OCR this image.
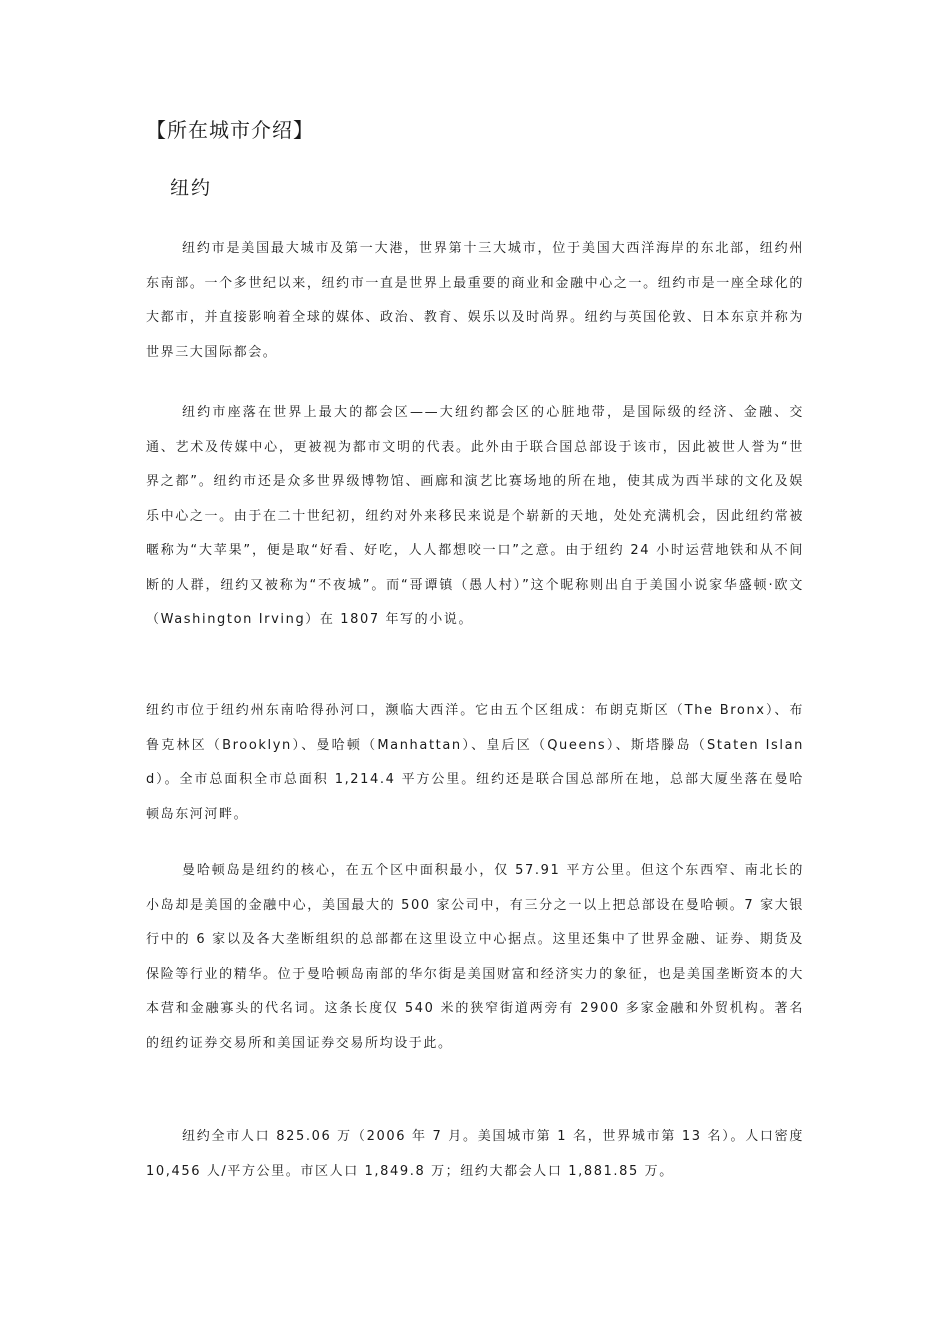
【所在城市介绍】
纽约

纽约市是美国最大城市及第一大港，世界第十三大城市，位于美国大西洋海岸的东北部，纽约州东南部。一个多世纪以来，纽约市一直是世界上最重要的商业和金融中心之一。纽约市是一座全球化的大都市，并直接影响着全球的媒体、政治、教育、娱乐以及时尚界。纽约与英国伦敦、日本东京并称为世界三大国际都会。

纽约市座落在世界上最大的都会区——大纽约都会区的心脏地带，是国际级的经济、金融、交通、艺术及传媒中心，更被视为都市文明的代表。此外由于联合国总部设于该市，因此被世人誉为“世界之都”。纽约市还是众多世界级博物馆、画廊和演艺比赛场地的所在地，使其成为西半球的文化及娱乐中心之一。由于在二十世纪初，纽约对外来移民来说是个崭新的天地，处处充满机会，因此纽约常被暱称为“大苹果”，便是取“好看、好吃，人人都想咬一口”之意。由于纽约 24 小时运营地铁和从不间断的人群，纽约又被称为“不夜城”。而“哥谭镇（愚人村）”这个昵称则出自于美国小说家华盛顿·欧文（Washington Irving）在 1807 年写的小说。

纽约市位于纽约州东南哈得孙河口，濒临大西洋。它由五个区组成：布朗克斯区（The Bronx）、布鲁克林区（Brooklyn）、曼哈顿（Manhattan）、皇后区（Queens）、斯塔滕岛（Staten Island）。全市总面积全市总面积 1,214.4 平方公里。纽约还是联合国总部所在地，总部大厦坐落在曼哈顿岛东河河畔。

曼哈顿岛是纽约的核心，在五个区中面积最小，仅 57.91 平方公里。但这个东西窄、南北长的小岛却是美国的金融中心，美国最大的 500 家公司中，有三分之一以上把总部设在曼哈顿。7 家大银行中的 6 家以及各大垄断组织的总部都在这里设立中心据点。这里还集中了世界金融、证券、期货及保险等行业的精华。位于曼哈顿岛南部的华尔街是美国财富和经济实力的象征，也是美国垄断资本的大本营和金融寡头的代名词。这条长度仅 540 米的狭窄街道两旁有 2900 多家金融和外贸机构。著名的纽约证券交易所和美国证券交易所均设于此。

纽约全市人口 825.06 万（2006 年 7 月。美国城市第 1 名，世界城市第 13 名）。人口密度 10,456 人/平方公里。市区人口 1,849.8 万；纽约大都会人口 1,881.85 万。
